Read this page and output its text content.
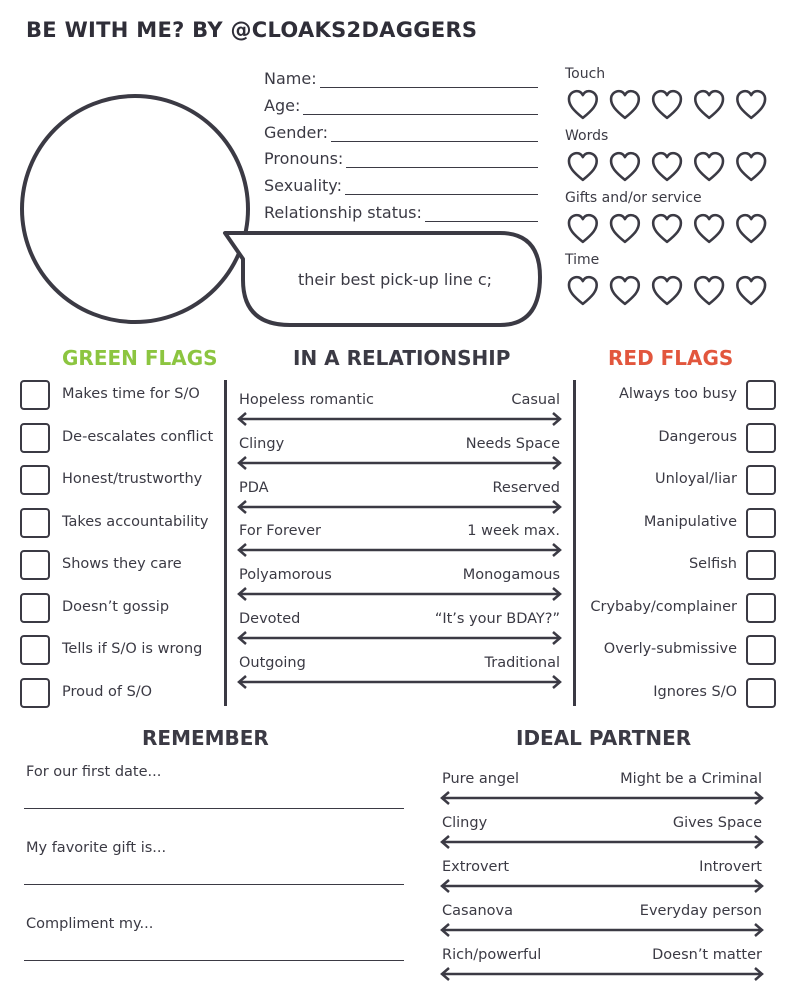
BE WITH ME? BY @CLOAKS2DAGGERS
their best pick-up line c;
Name:
Age:
Gender:
Pronouns:
Sexuality:
Relationship status:
Touch
Words
Gifts and/or service
Time
GREEN FLAGS	IN A RELATIONSHIP	RED FLAGS
Makes time for S/O
De-escalates conflict
Honest/trustworthy
Takes accountability
Shows they care
Doesn’t gossip
Tells if S/O is wrong
Proud of S/O
Always too busy
Dangerous
Unloyal/liar
Manipulative
Selfish
Crybaby/complainer
Overly-submissive
Ignores S/O
Hopeless romantic	Casual
Clingy	Needs Space
PDA	Reserved
For Forever	1 week max.
Polyamorous	Monogamous
Devoted	“It’s your BDAY?”
Outgoing	Traditional
REMEMBER
For our first date...
My favorite gift is...
Compliment my...
IDEAL PARTNER
Pure angel	Might be a Criminal
Clingy	Gives Space
Extrovert	Introvert
Casanova	Everyday person
Rich/powerful	Doesn’t matter
